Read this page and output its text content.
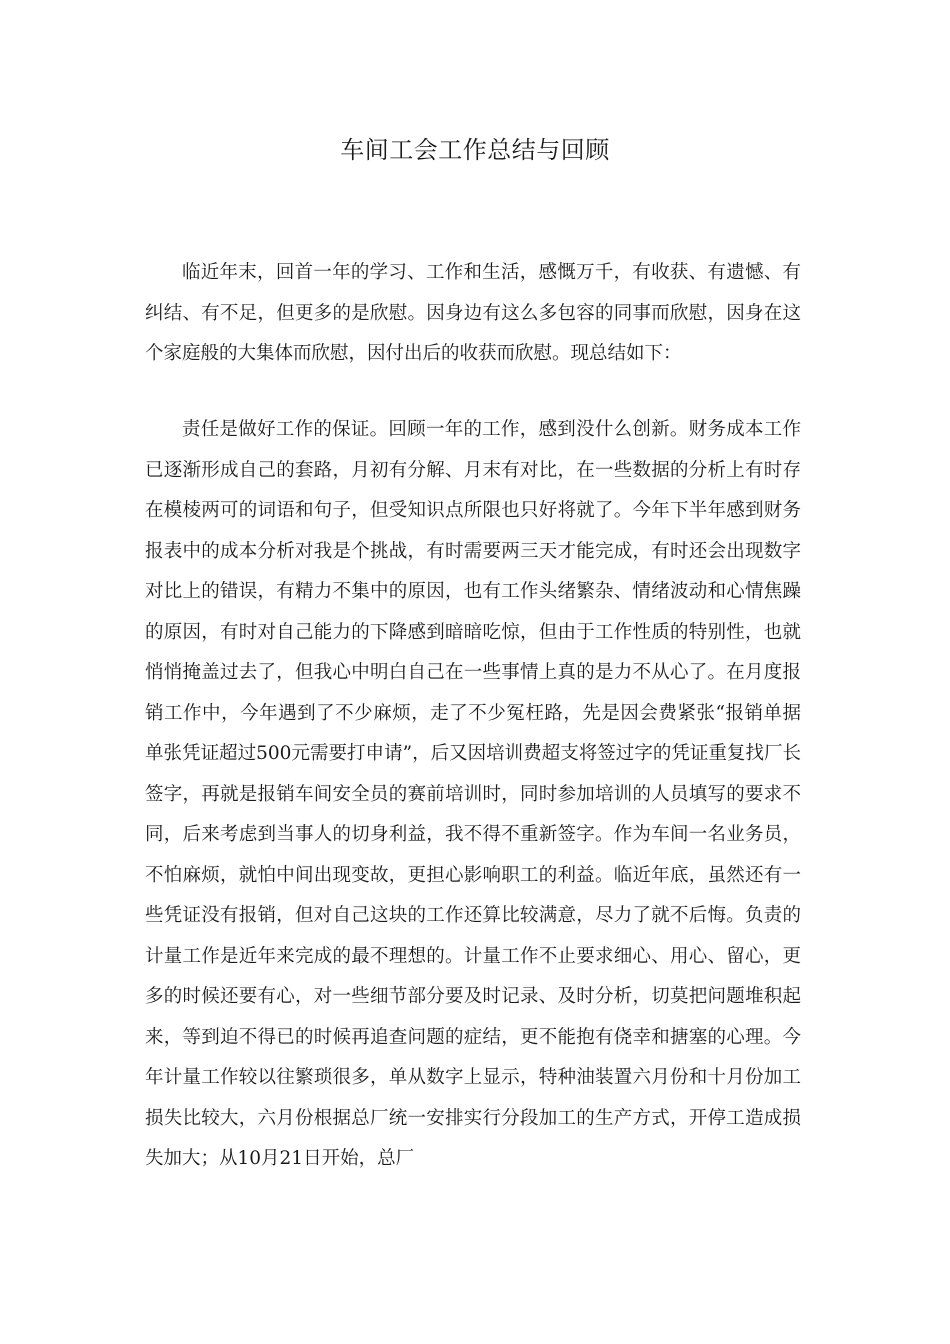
车间工会工作总结与回顾

临近年末，回首一年的学习、工作和生活，感慨万千，有收获、有遗憾、有纠结、有不足，但更多的是欣慰。因身边有这么多包容的同事而欣慰，因身在这个家庭般的大集体而欣慰，因付出后的收获而欣慰。现总结如下：

责任是做好工作的保证。回顾一年的工作，感到没什么创新。财务成本工作已逐渐形成自己的套路，月初有分解、月末有对比，在一些数据的分析上有时存在模棱两可的词语和句子，但受知识点所限也只好将就了。今年下半年感到财务报表中的成本分析对我是个挑战，有时需要两三天才能完成，有时还会出现数字对比上的错误，有精力不集中的原因，也有工作头绪繁杂、情绪波动和心情焦躁的原因，有时对自己能力的下降感到暗暗吃惊，但由于工作性质的特别性，也就悄悄掩盖过去了，但我心中明白自己在一些事情上真的是力不从心了。在月度报销工作中，今年遇到了不少麻烦，走了不少冤枉路，先是因会费紧张“报销单据单张凭证超过500元需要打申请”，后又因培训费超支将签过字的凭证重复找厂长签字，再就是报销车间安全员的赛前培训时，同时参加培训的人员填写的要求不同，后来考虑到当事人的切身利益，我不得不重新签字。作为车间一名业务员，不怕麻烦，就怕中间出现变故，更担心影响职工的利益。临近年底，虽然还有一些凭证没有报销，但对自己这块的工作还算比较满意，尽力了就不后悔。负责的计量工作是近年来完成的最不理想的。计量工作不止要求细心、用心、留心，更多的时候还要有心，对一些细节部分要及时记录、及时分析，切莫把问题堆积起来，等到迫不得已的时候再追查问题的症结，更不能抱有侥幸和搪塞的心理。今年计量工作较以往繁琐很多，单从数字上显示，特种油装置六月份和十月份加工损失比较大，六月份根据总厂统一安排实行分段加工的生产方式，开停工造成损失加大；从10月21日开始，总厂
